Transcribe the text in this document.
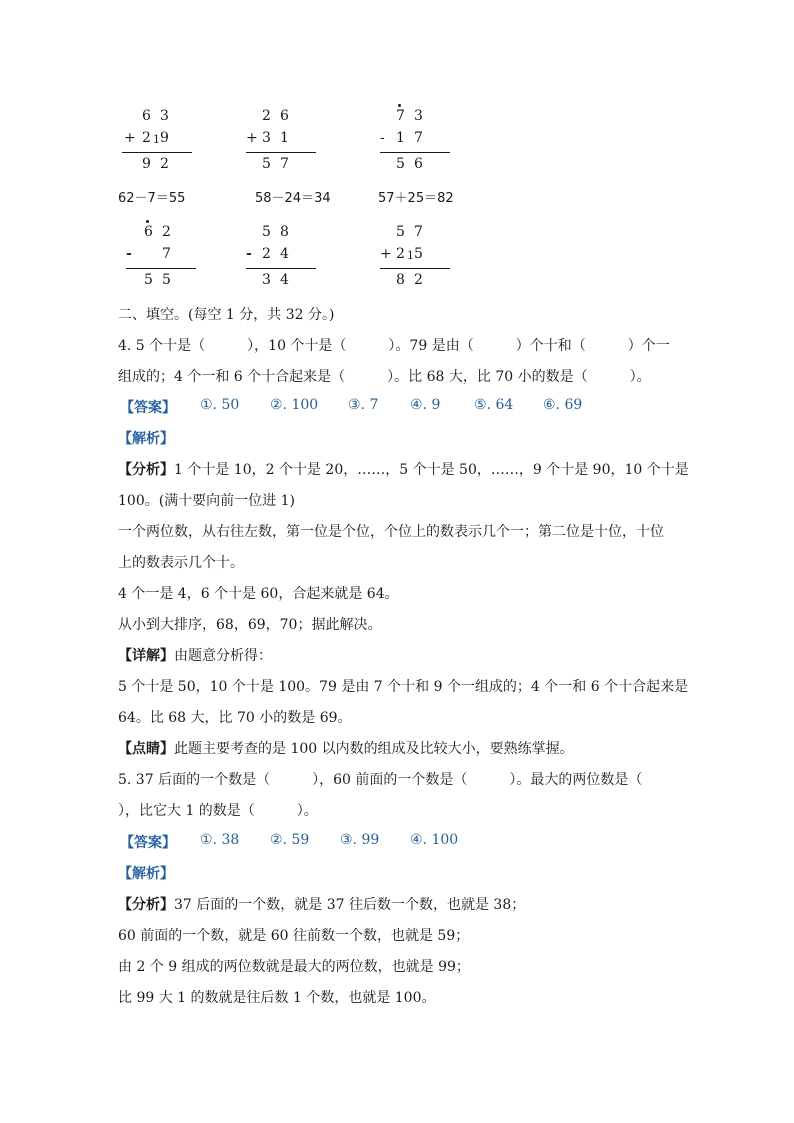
6 3
+ 2 1 9
9 2
2 6
+ 3 1
5 7
7 3
- 1 7
5 6
62－7＝55	58－24＝34	57＋25＝82
6 2
- 7
5 5
5 8
- 2 4
3 4
5 7
+ 2 1 5
8 2
二、填空。(每空 1 分，共 32 分。)
4. 5 个十是（　　　），10 个十是（　　　）。79 是由（　　　）个十和（　　　）个一
组成的；4 个一和 6 个十合起来是（　　　）。比 68 大，比 70 小的数是（　　　）。
【答案】 ①. 50 ②. 100 ③. 7 ④. 9 ⑤. 64 ⑥. 69
【解析】
【分析】1 个十是 10，2 个十是 20，……，5 个十是 50，……，9 个十是 90，10 个十是
100。(满十要向前一位进 1)
一个两位数，从右往左数，第一位是个位，个位上的数表示几个一；第二位是十位，十位
上的数表示几个十。
4 个一是 4，6 个十是 60，合起来就是 64。
从小到大排序，68，69，70；据此解决。
【详解】由题意分析得：
5 个十是 50，10 个十是 100。79 是由 7 个十和 9 个一组成的；4 个一和 6 个十合起来是
64。比 68 大，比 70 小的数是 69。
【点睛】此题主要考查的是 100 以内数的组成及比较大小，要熟练掌握。
5. 37 后面的一个数是（　　　），60 前面的一个数是（　　　）。最大的两位数是（
），比它大 1 的数是（　　　）。
【答案】 ①. 38 ②. 59 ③. 99 ④. 100
【解析】
【分析】37 后面的一个数，就是 37 往后数一个数，也就是 38；
60 前面的一个数，就是 60 往前数一个数，也就是 59；
由 2 个 9 组成的两位数就是最大的两位数，也就是 99；
比 99 大 1 的数就是往后数 1 个数，也就是 100。
